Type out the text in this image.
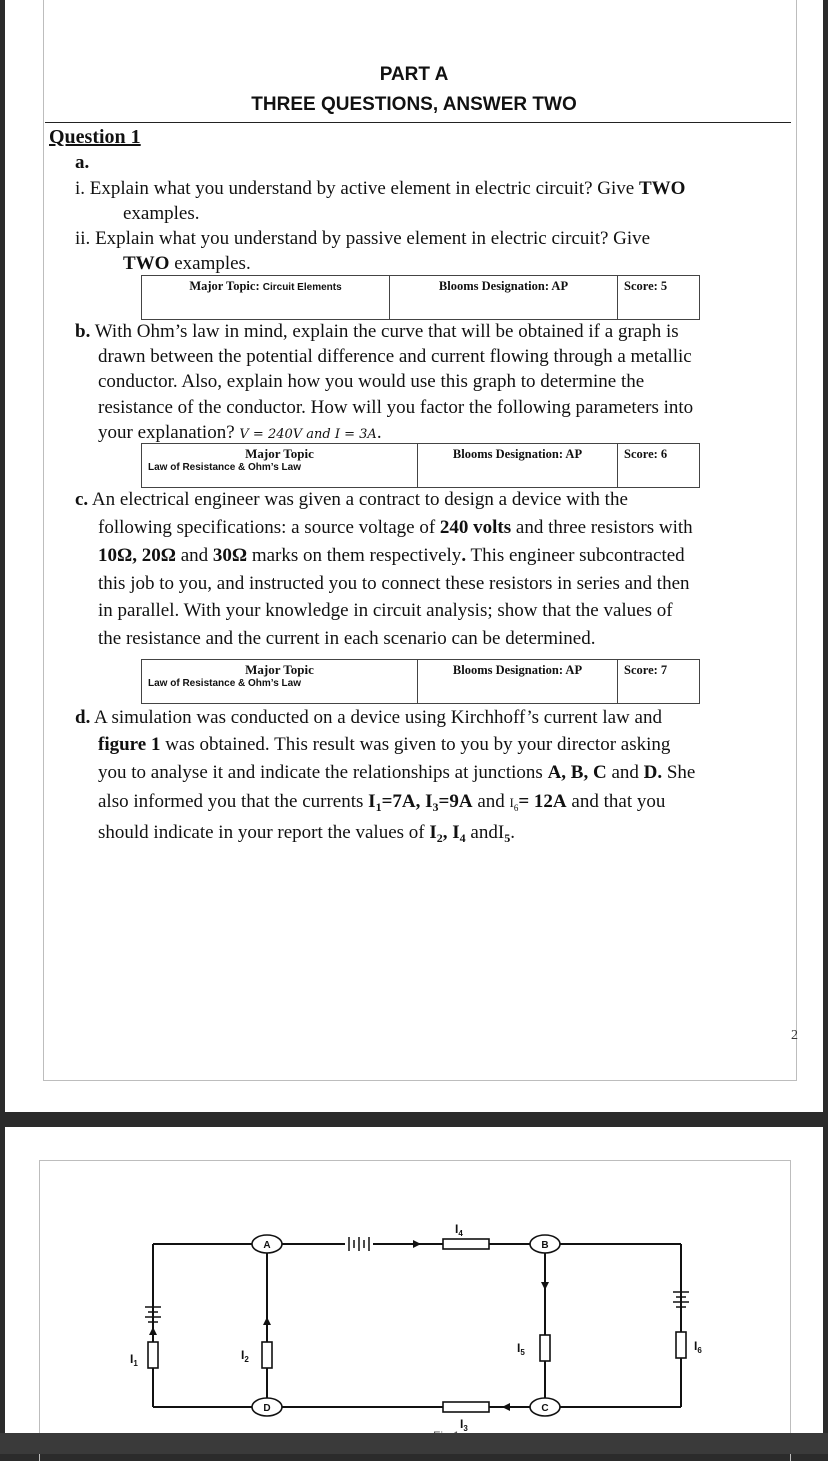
PART A
THREE QUESTIONS, ANSWER TWO

Question 1

a.

i. Explain what you understand by active element in electric circuit? Give TWO

examples.

ii. Explain what you understand by passive element in electric circuit? Give

TWO examples.

Major Topic: Circuit Elements	Blooms Designation: AP	Score: 5

b. With Ohm’s law in mind, explain the curve that will be obtained if a graph is

drawn between the potential difference and current flowing through a metallic

conductor. Also, explain how you would use this graph to determine the

resistance of the conductor. How will you factor the following parameters into

your explanation? V = 240V and I = 3A.

Major Topic
Law of Resistance & Ohm’s Law
	Blooms Designation: AP	Score: 6

c. An electrical engineer was given a contract to design a device with the

following specifications: a source voltage of 240 volts and three resistors with

10Ω, 20Ω and 30Ω marks on them respectively. This engineer subcontracted

this job to you, and instructed you to connect these resistors in series and then

in parallel. With your knowledge in circuit analysis; show that the values of

the resistance and the current in each scenario can be determined.

Major Topic
Law of Resistance & Ohm’s Law
	Blooms Designation: AP	Score: 7

d. A simulation was conducted on a device using Kirchhoff’s current law and

figure 1 was obtained. This result was given to you by your director asking

you to analyse it and indicate the relationships at junctions A, B, C and D. She

also informed you that the currents $I_1=7A$, $I_3=9A$ and $I_6= 12A$ and that you

should indicate in your report the values of $I_2$, $I_4$ andI$_5$.

2
A	B
C
D
$I_1$
$I_2$
$I_4$
$I_3$
$I_5$	$I_6$
